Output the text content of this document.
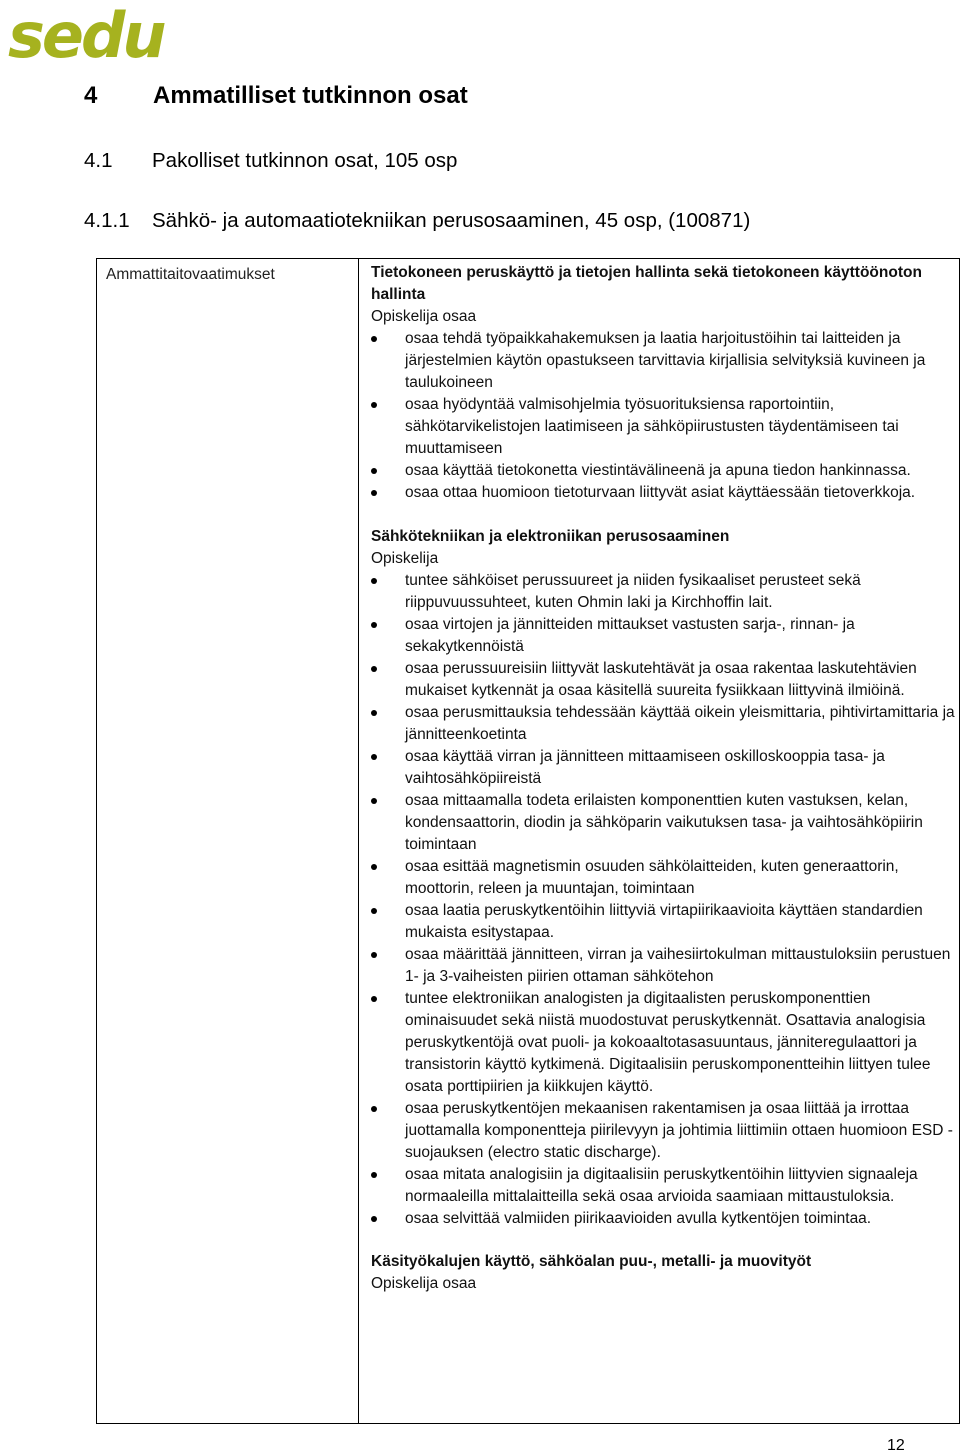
sedu
4 Ammatilliset tutkinnon osat
4.1 Pakolliset tutkinnon osat, 105 osp
4.1.1 Sähkö- ja automaatiotekniikan perusosaaminen, 45 osp, (100871)
Ammattitaitovaatimukset	Tietokoneen peruskäyttö ja tietojen hallinta sekä tietokoneen käyttöönoton hallinta

Opiskelija osaa

osaa tehdä työpaikkahakemuksen ja laatia harjoitustöihin tai laitteiden ja järjestelmien käytön opastukseen tarvittavia kirjallisia selvityksiä kuvineen ja taulukoineen
osaa hyödyntää valmisohjelmia työsuorituksiensa raportointiin, sähkötarvikelistojen laatimiseen ja sähköpiirustusten täydentämiseen tai muuttamiseen
osaa käyttää tietokonetta viestintävälineenä ja apuna tiedon hankinnassa.
osaa ottaa huomioon tietoturvaan liittyvät asiat käyttäessään tietoverkkoja.

Sähkötekniikan ja elektroniikan perusosaaminen

Opiskelija

tuntee sähköiset perussuureet ja niiden fysikaaliset perusteet sekä riippuvuussuhteet, kuten Ohmin laki ja Kirchhoffin lait.
osaa virtojen ja jännitteiden mittaukset vastusten sarja-, rinnan- ja sekakytkennöistä
osaa perussuureisiin liittyvät laskutehtävät ja osaa rakentaa laskutehtävien mukaiset kytkennät ja osaa käsitellä suureita fysiikkaan liittyvinä ilmiöinä.
osaa perusmittauksia tehdessään käyttää oikein yleismittaria, pihtivirtamittaria ja jännitteenkoetinta
osaa käyttää virran ja jännitteen mittaamiseen oskilloskooppia tasa- ja vaihtosähköpiireistä
osaa mittaamalla todeta erilaisten komponenttien kuten vastuksen, kelan, kondensaattorin, diodin ja sähköparin vaikutuksen tasa- ja vaihtosähköpiirin toimintaan
osaa esittää magnetismin osuuden sähkölaitteiden, kuten generaattorin, moottorin, releen ja muuntajan, toimintaan
osaa laatia peruskytkentöihin liittyviä virtapiirikaavioita käyttäen standardien mukaista esitystapaa.
osaa määrittää jännitteen, virran ja vaihesiirtokulman mittaustuloksiin perustuen 1- ja 3-vaiheisten piirien ottaman sähkötehon
tuntee elektroniikan analogisten ja digitaalisten peruskomponenttien ominaisuudet sekä niistä muodostuvat peruskytkennät. Osattavia analogisia peruskytkentöjä ovat puoli- ja kokoaaltotasasuuntaus, jänniteregulaattori ja transistorin käyttö kytkimenä. Digitaalisiin peruskomponentteihin liittyen tulee osata porttipiirien ja kiikkujen käyttö.
osaa peruskytkentöjen mekaanisen rakentamisen ja osaa liittää ja irrottaa juottamalla komponentteja piirilevyyn ja johtimia liittimiin ottaen huomioon ESD -suojauksen (electro static discharge).
osaa mitata analogisiin ja digitaalisiin peruskytkentöihin liittyvien signaaleja normaaleilla mittalaitteilla sekä osaa arvioida saamiaan mittaustuloksia.
osaa selvittää valmiiden piirikaavioiden avulla kytkentöjen toimintaa.

Käsityökalujen käyttö, sähköalan puu-, metalli- ja muovityöt

Opiskelija osaa

12
